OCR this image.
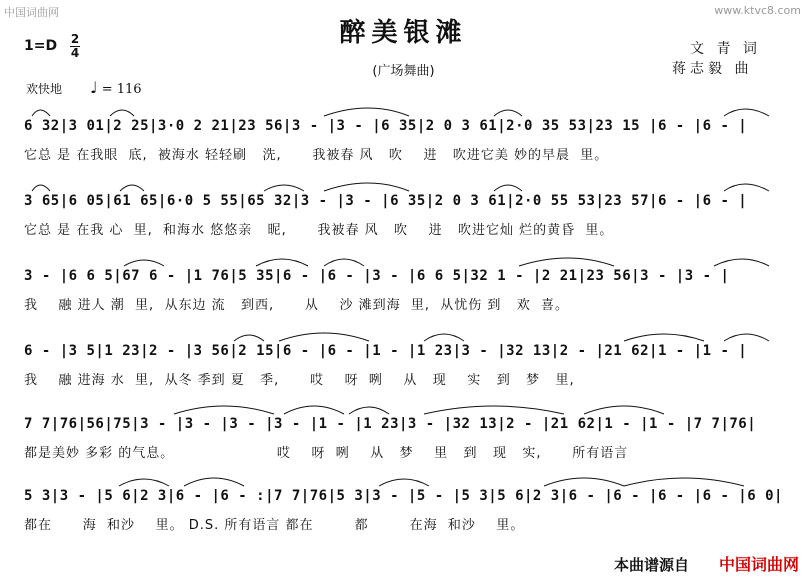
中国词曲网	www.ktvc8.com
醉美银滩
(广场舞曲)
1=D 2
4	文 青 词
蒋志毅 曲
欢快地 ♩ = 116
6 32|3 01|2 25|3·0 2 21|23 56|3 - |3 - |6 35|2 0 3 61|2·0 35 53|23 15 |6 - |6 - |
它总 是 在我眼  底,  被海水 轻轻刷   洗,      我被春 风   吹    进   吹进它美 妙的早晨  里。
3 65|6 05|61 65|6·0 5 55|65 32|3 - |3 - |6 35|2 0 3 61|2·0 55 53|23 57|6 - |6 - |
它总 是 在我 心  里,  和海水 悠悠亲   昵,      我被春 风   吹    进   吹进它灿 烂的黄昏  里。
3 - |6 6 5|67 6 - |1 76|5 35|6 - |6 - |3 - |6 6 5|32 1 - |2 21|23 56|3 - |3 - |
我    融 进人 潮  里,  从东边 流   到西,      从    沙 滩到海  里,  从忧伤 到   欢  喜。
6 - |3 5|1 23|2 - |3 56|2 15|6 - |6 - |1 - |1 23|3 - |32 13|2 - |21 62|1 - |1 - |
我    融 进海 水  里,  从冬 季到 夏   季,      哎    呀  咧    从   现    实   到   梦   里,
7 7|76|56|75|3 - |3 - |3 - |3 - |1 - |1 23|3 - |32 13|2 - |21 62|1 - |1 - |7 7|76|
都是美妙 多彩 的气息。                    哎    呀  咧    从   梦    里   到   现   实,      所有语言
5 3|3 - |5 6|2 3|6 - |6 - :|7 7|76|5 3|3 - |5 - |5 3|5 6|2 3|6 - |6 - |6 - |6 - |6 0|
都在      海  和沙    里。 D.S. 所有语言 都在        都        在海  和沙    里。
本曲谱源自 中国词曲网
